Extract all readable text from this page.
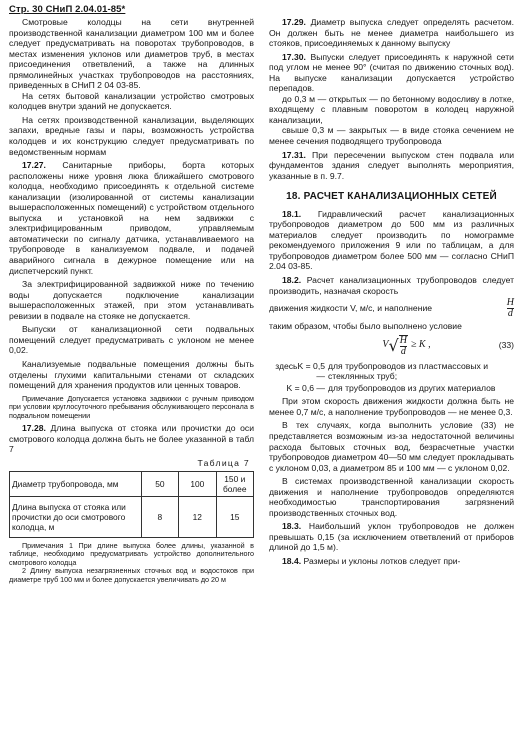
Стр. 30 СНиП 2.04.01-85*

Смотровые колодцы на сети внутренней производственной канализации диаметром 100 мм и более следует предусматривать на поворотах трубопроводов, в местах изменения уклонов или диаметров труб, в местах присоединения ответвлений, а также на длинных прямолинейных участках трубопроводов на расстояниях, приведенных в СНиП 2 04 03-85.

На сетях бытовой канализации устройство смотровых колодцев внутри зданий не допускается.

На сетях производственной канализации, выделяющих запахи, вредные газы и пары, возможность устройства колодцев и их конструкцию следует предусматривать по ведомственным нормам

17.27. Санитарные приборы, борта которых расположены ниже уровня люка ближайшего смотрового колодца, необходимо присоединять к отдельной системе канализации (изолированной от системы канализации вышерасположенных помещений) с устройством отдельного выпуска и установкой на нем задвижки с электрифицированным приводом, управляемым автоматически по сигналу датчика, устанавливаемого на трубопроводе в канализуемом подвале, и подачей аварийного сигнала в дежурное помещение или на диспетчерский пункт.

За электрифицированной задвижкой ниже по течению воды допускается подключение канализации вышерасположенных этажей, при этом устанавливать ревизии в подвале на стояке не допускается.

Выпуски от канализационной сети подвальных помещений следует предусматривать с уклоном не менее 0,02.

Канализуемые подвальные помещения должны быть отделены глухими капитальными стенами от складских помещений для хранения продуктов или ценных товаров.

Примечание Допускается установка задвижки с ручным приводом при условии круглосуточного пребывания обслуживающего персонала в подвальном помещении

17.28. Длина выпуска от стояка или прочистки до оси смотрового колодца должна быть не более указанной в табл 7

Таблица 7
Диаметр трубопровода, мм	50	100	150 и более
Длина выпуска от стояка или прочистки до оси смотрового колодца, м	8	12	15

Примечания 1 При длине выпуска более длины, указанной в таблице, необходимо предусматривать устройство дополнительного смотрового колодца

2 Длину выпуска незагрязненных сточных вод и водостоков при диаметре труб 100 мм и более допускается увеличивать до 20 м

17.29. Диаметр выпуска следует определять расчетом. Он должен быть не менее диаметра наибольшего из стояков, присоединяемых к данному выпуску

17.30. Выпуски следует присоединять к наружной сети под углом не менее 90° (считая по движению сточных вод). На выпуске канализации допускается устройство перепадов.

до 0,3 м — открытых — по бетонному водосливу в лотке, входящему с плавным поворотом в колодец наружной канализации,

свыше 0,3 м — закрытых — в виде стояка сечением не менее сечения подводящего трубопровода

17.31. При пересечении выпуском стен подвала или фундаментов здания следует выполнять мероприятия, указанные в п. 9.7.

18. РАСЧЕТ КАНАЛИЗАЦИОННЫХ СЕТЕЙ

18.1. Гидравлический расчет канализационных трубопроводов диаметром до 500 мм из различных материалов следует производить по номограмме рекомендуемого приложения 9 или по таблицам, а для трубопроводов диаметром более 500 мм — согласно СНиП 2.04 03-85.

18.2. Расчет канализационных трубопроводов следует производить, назначая скорость

движения жидкости V, м/с, и наполнение	$\frac{H}{d}$

таким образом, чтобы было выполнено условие

V √ $\frac{H}{d} \ge K$ ,	(33)
здесьK = 0,5 —
для трубопроводов из пластмассовых и стеклянных труб;
K = 0,6 — для трубопроводов из других материалов

При этом скорость движения жидкости должна быть не менее 0,7 м/с, а наполнение трубопроводов — не менее 0,3.

В тех случаях, когда выполнить условие (33) не представляется возможным из-за недостаточной величины расхода бытовых сточных вод, безрасчетные участки трубопроводов диаметром 40—50 мм следует прокладывать с уклоном 0,03, а диаметром 85 и 100 мм — с уклоном 0,02.

В системах производственной канализации скорость движения и наполнение трубопроводов определяются необходимостью транспортирования загрязнений производственных сточных вод.

18.3. Наибольший уклон трубопроводов не должен превышать 0,15 (за исключением ответвлений от приборов длиной до 1,5 м).

18.4. Размеры и уклоны лотков следует при-
